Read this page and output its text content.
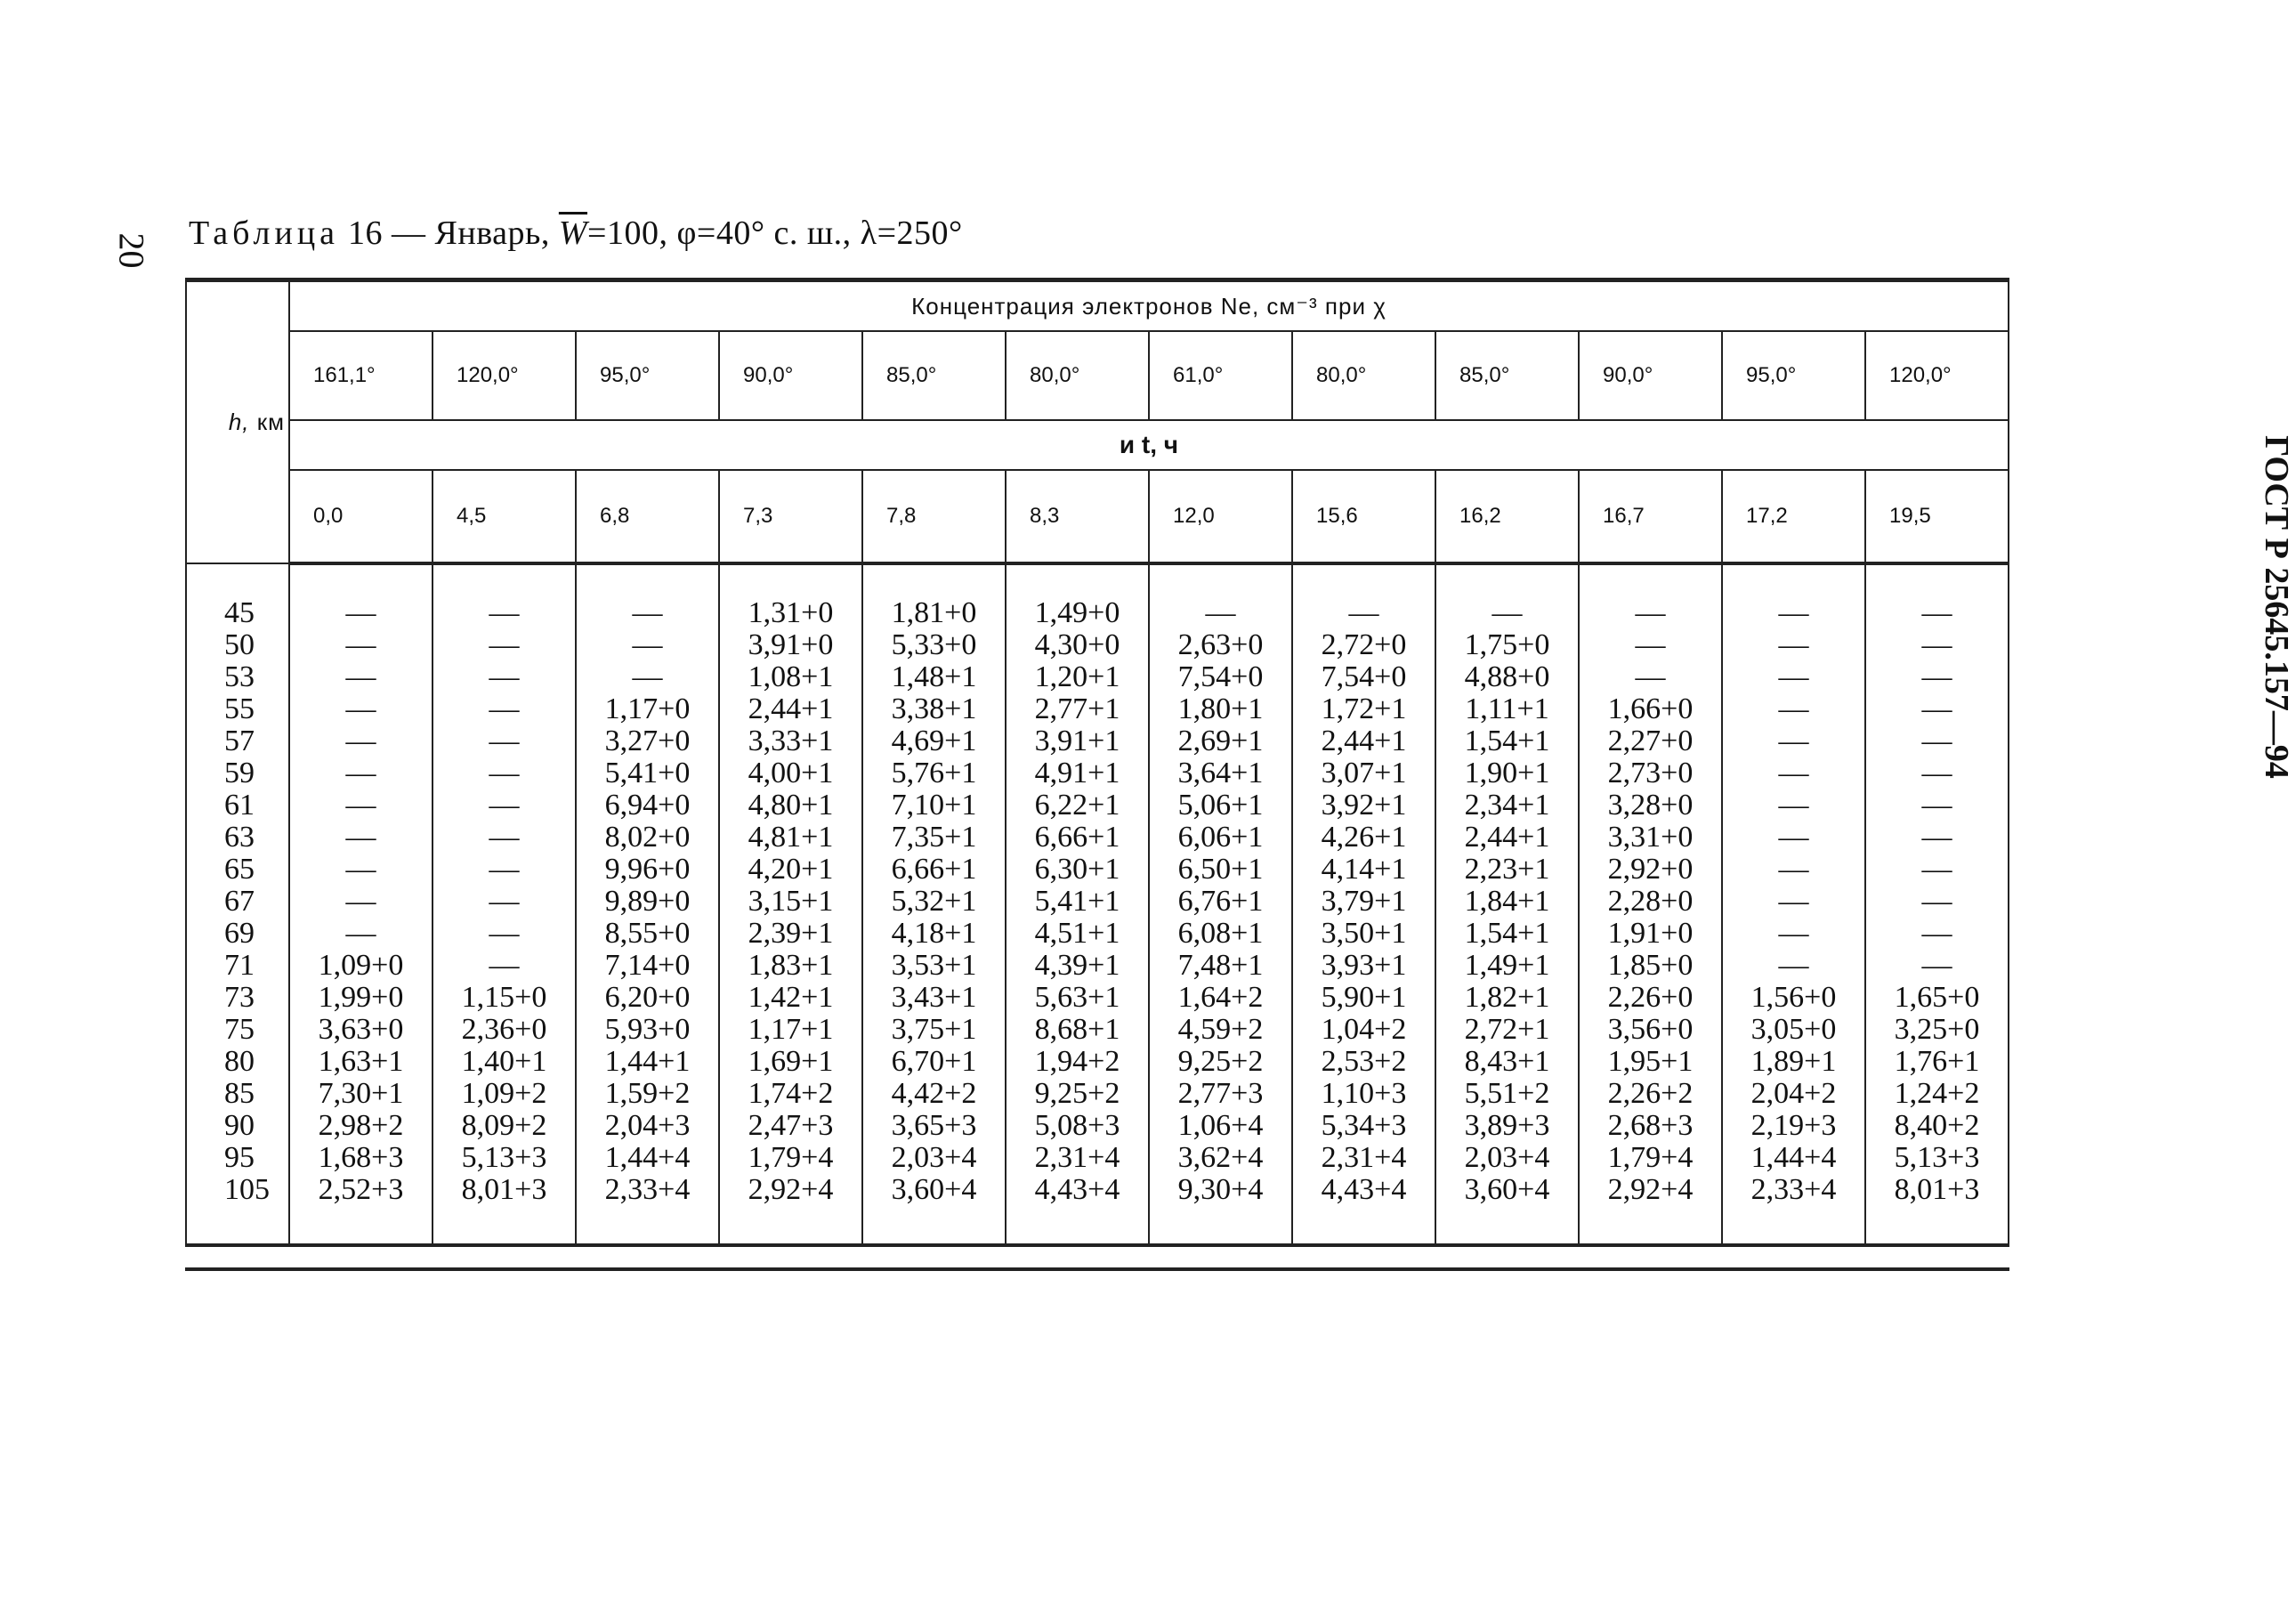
20
ГОСТ Р 25645.157—94
Таблица 16 — Январь, $\overline{W}=100$, φ=40° с. ш., λ=250°
h, км	Концентрация электронов Ne, см⁻³ при χ											
	161,1°	120,0°	95,0°	90,0°	85,0°	80,0°	61,0°	80,0°	85,0°	90,0°	95,0°	120,0°
	и t, ч											
	0,0	4,5	6,8	7,3	7,8	8,3	12,0	15,6	16,2	16,7	17,2	19,5
45	—	—	—	1,31+0	1,81+0	1,49+0	—	—	—	—	—	—
50	—	—	—	3,91+0	5,33+0	4,30+0	2,63+0	2,72+0	1,75+0	—	—	—
53	—	—	—	1,08+1	1,48+1	1,20+1	7,54+0	7,54+0	4,88+0	—	—	—
55	—	—	1,17+0	2,44+1	3,38+1	2,77+1	1,80+1	1,72+1	1,11+1	1,66+0	—	—
57	—	—	3,27+0	3,33+1	4,69+1	3,91+1	2,69+1	2,44+1	1,54+1	2,27+0	—	—
59	—	—	5,41+0	4,00+1	5,76+1	4,91+1	3,64+1	3,07+1	1,90+1	2,73+0	—	—
61	—	—	6,94+0	4,80+1	7,10+1	6,22+1	5,06+1	3,92+1	2,34+1	3,28+0	—	—
63	—	—	8,02+0	4,81+1	7,35+1	6,66+1	6,06+1	4,26+1	2,44+1	3,31+0	—	—
65	—	—	9,96+0	4,20+1	6,66+1	6,30+1	6,50+1	4,14+1	2,23+1	2,92+0	—	—
67	—	—	9,89+0	3,15+1	5,32+1	5,41+1	6,76+1	3,79+1	1,84+1	2,28+0	—	—
69	—	—	8,55+0	2,39+1	4,18+1	4,51+1	6,08+1	3,50+1	1,54+1	1,91+0	—	—
71	1,09+0	—	7,14+0	1,83+1	3,53+1	4,39+1	7,48+1	3,93+1	1,49+1	1,85+0	—	—
73	1,99+0	1,15+0	6,20+0	1,42+1	3,43+1	5,63+1	1,64+2	5,90+1	1,82+1	2,26+0	1,56+0	1,65+0
75	3,63+0	2,36+0	5,93+0	1,17+1	3,75+1	8,68+1	4,59+2	1,04+2	2,72+1	3,56+0	3,05+0	3,25+0
80	1,63+1	1,40+1	1,44+1	1,69+1	6,70+1	1,94+2	9,25+2	2,53+2	8,43+1	1,95+1	1,89+1	1,76+1
85	7,30+1	1,09+2	1,59+2	1,74+2	4,42+2	9,25+2	2,77+3	1,10+3	5,51+2	2,26+2	2,04+2	1,24+2
90	2,98+2	8,09+2	2,04+3	2,47+3	3,65+3	5,08+3	1,06+4	5,34+3	3,89+3	2,68+3	2,19+3	8,40+2
95	1,68+3	5,13+3	1,44+4	1,79+4	2,03+4	2,31+4	3,62+4	2,31+4	2,03+4	1,79+4	1,44+4	5,13+3
105	2,52+3	8,01+3	2,33+4	2,92+4	3,60+4	4,43+4	9,30+4	4,43+4	3,60+4	2,92+4	2,33+4	8,01+3
